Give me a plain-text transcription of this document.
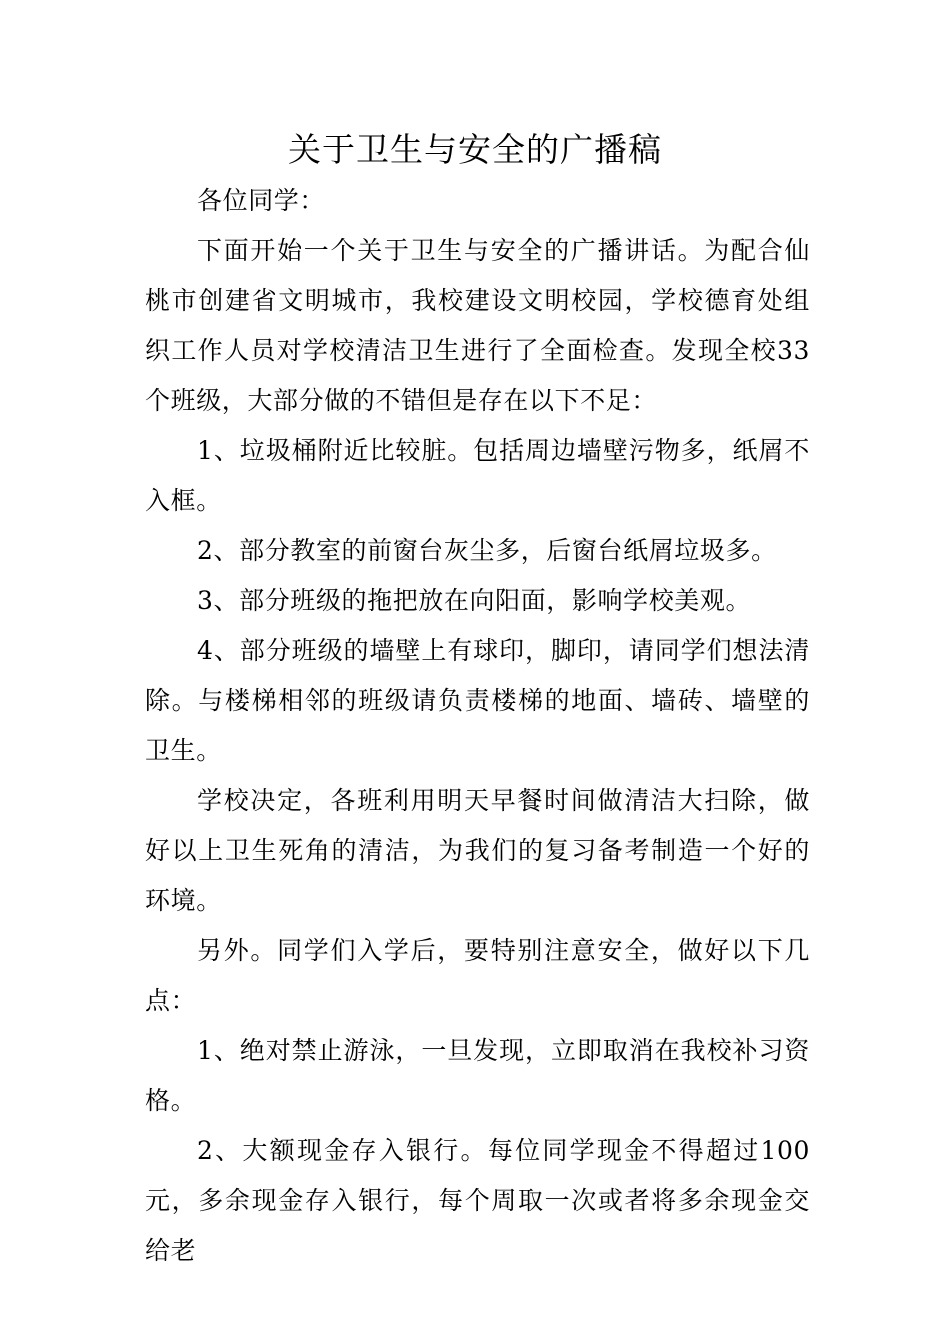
关于卫生与安全的广播稿

各位同学：

下面开始一个关于卫生与安全的广播讲话。为配合仙桃市创建省文明城市，我校建设文明校园，学校德育处组织工作人员对学校清洁卫生进行了全面检查。发现全校33个班级，大部分做的不错但是存在以下不足：

1、垃圾桶附近比较脏。包括周边墙壁污物多，纸屑不入框。

2、部分教室的前窗台灰尘多，后窗台纸屑垃圾多。

3、部分班级的拖把放在向阳面，影响学校美观。

4、部分班级的墙壁上有球印，脚印，请同学们想法清除。与楼梯相邻的班级请负责楼梯的地面、墙砖、墙壁的卫生。

学校决定，各班利用明天早餐时间做清洁大扫除，做好以上卫生死角的清洁，为我们的复习备考制造一个好的环境。

另外。同学们入学后，要特别注意安全，做好以下几点：

1、绝对禁止游泳，一旦发现，立即取消在我校补习资格。

2、大额现金存入银行。每位同学现金不得超过100元，多余现金存入银行，每个周取一次或者将多余现金交给老
